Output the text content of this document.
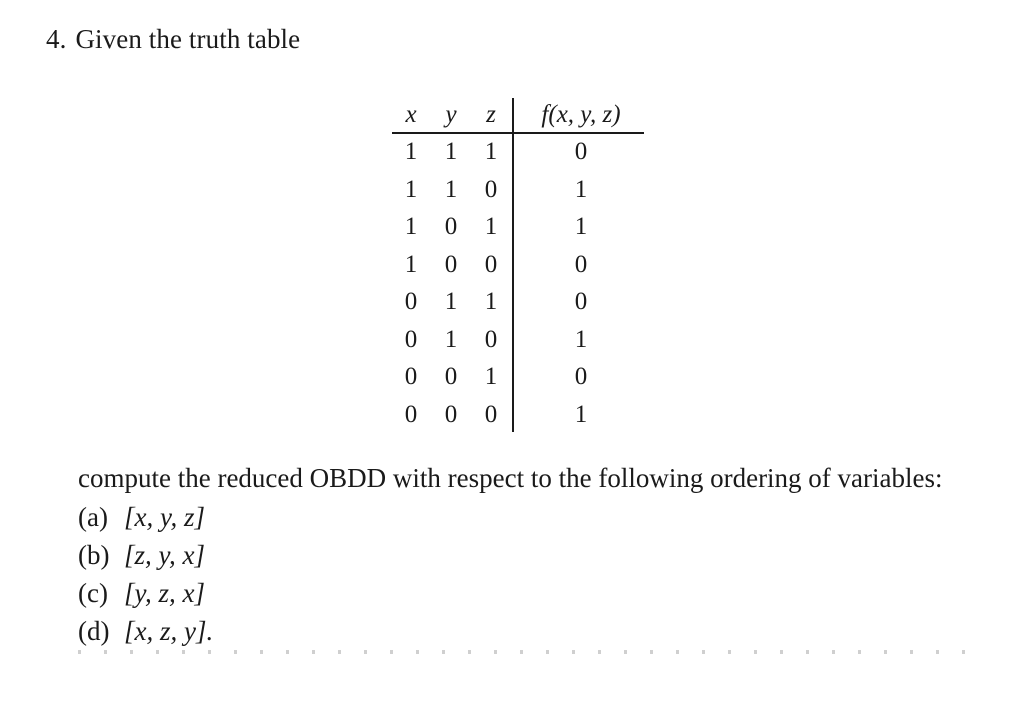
4. Given the truth table
x	y	z	f(x, y, z)
1	1	1	0
1	1	0	1
1	0	1	1
1	0	0	0
0	1	1	0
0	1	0	1
0	0	1	0
0	0	0	1
compute the reduced OBDD with respect to the following ordering of variables:
(a) [x, y, z]
(b) [z, y, x]
(c) [y, z, x]
(d) [x, z, y].
